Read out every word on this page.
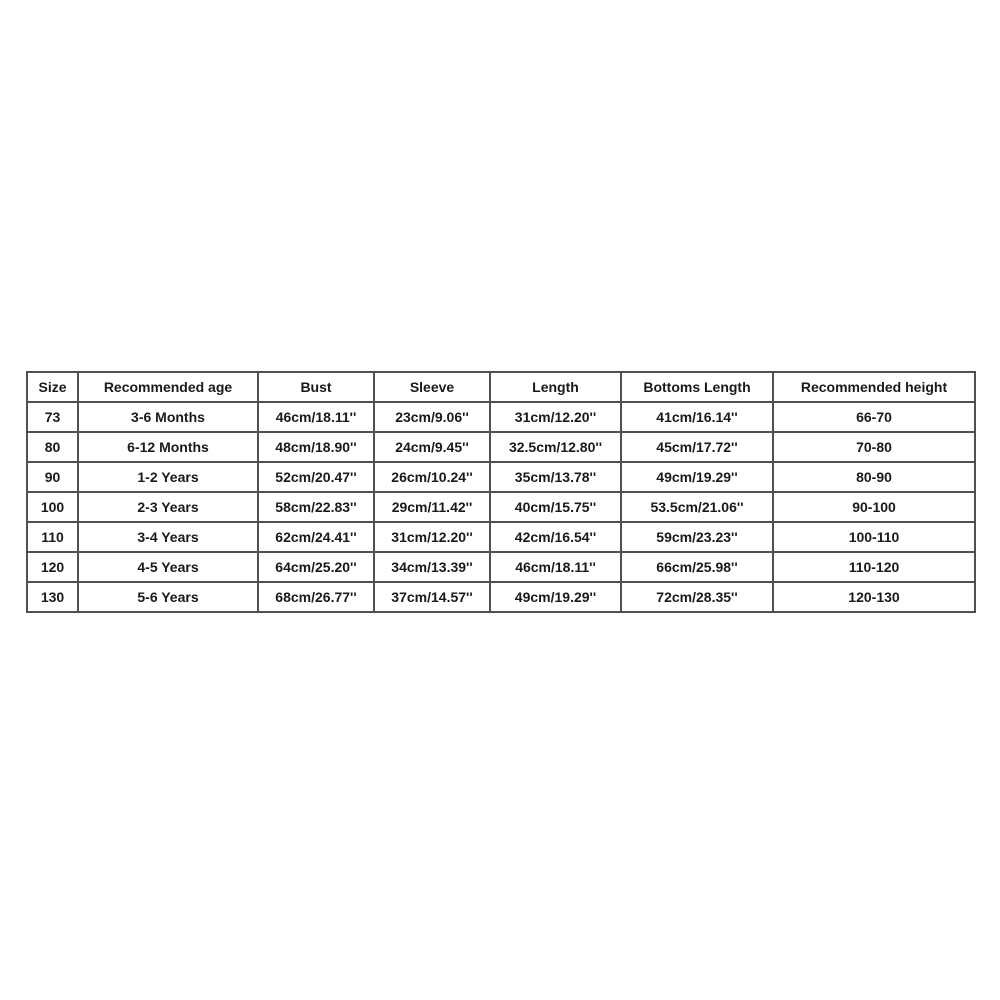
Size	Recommended age	Bust	Sleeve	Length	Bottoms Length	Recommended height
73	3-6 Months	46cm/18.11''	23cm/9.06''	31cm/12.20''	41cm/16.14''	66-70
80	6-12 Months	48cm/18.90''	24cm/9.45''	32.5cm/12.80''	45cm/17.72''	70-80
90	1-2 Years	52cm/20.47''	26cm/10.24''	35cm/13.78''	49cm/19.29''	80-90
100	2-3 Years	58cm/22.83''	29cm/11.42''	40cm/15.75''	53.5cm/21.06''	90-100
110	3-4 Years	62cm/24.41''	31cm/12.20''	42cm/16.54''	59cm/23.23''	100-110
120	4-5 Years	64cm/25.20''	34cm/13.39''	46cm/18.11''	66cm/25.98''	110-120
130	5-6 Years	68cm/26.77''	37cm/14.57''	49cm/19.29''	72cm/28.35''	120-130
